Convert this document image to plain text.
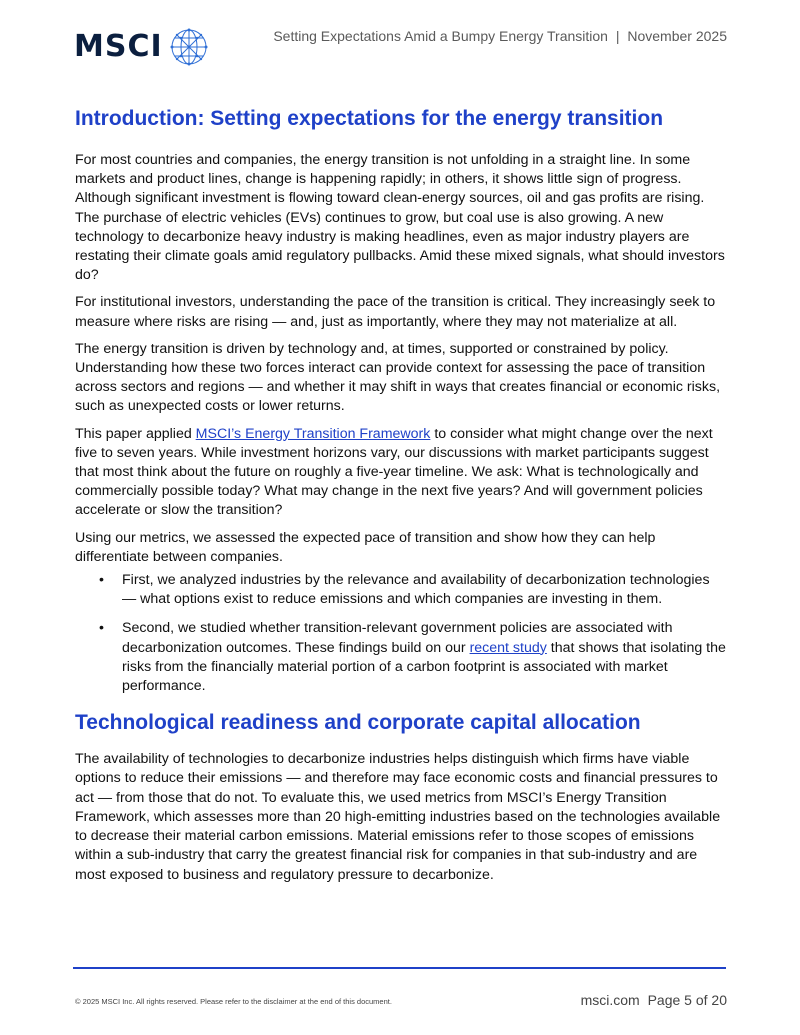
MSCI	Setting Expectations Amid a Bumpy Energy Transition | November 2025
Introduction: Setting expectations for the energy transition

For most countries and companies, the energy transition is not unfolding in a straight line. In some markets and product lines, change is happening rapidly; in others, it shows little sign of progress. Although significant investment is flowing toward clean-energy sources, oil and gas profits are rising. The purchase of electric vehicles (EVs) continues to grow, but coal use is also growing. A new technology to decarbonize heavy industry is making headlines, even as major industry players are restating their climate goals amid regulatory pullbacks. Amid these mixed signals, what should investors do?

For institutional investors, understanding the pace of the transition is critical. They increasingly seek to measure where risks are rising — and, just as importantly, where they may not materialize at all.

The energy transition is driven by technology and, at times, supported or constrained by policy. Understanding how these two forces interact can provide context for assessing the pace of transition across sectors and regions — and whether it may shift in ways that creates financial or economic risks, such as unexpected costs or lower returns.

This paper applied MSCI’s Energy Transition Framework to consider what might change over the next five to seven years. While investment horizons vary, our discussions with market participants suggest that most think about the future on roughly a five-year timeline. We ask: What is technologically and commercially possible today? What may change in the next five years? And will government policies accelerate or slow the transition?

Using our metrics, we assessed the expected pace of transition and show how they can help differentiate between companies.

• First, we analyzed industries by the relevance and availability of decarbonization technologies — what options exist to reduce emissions and which companies are investing in them.
• Second, we studied whether transition-relevant government policies are associated with decarbonization outcomes. These findings build on our recent study that shows that isolating the risks from the financially material portion of a carbon footprint is associated with market performance.
Technological readiness and corporate capital allocation

The availability of technologies to decarbonize industries helps distinguish which firms have viable options to reduce their emissions — and therefore may face economic costs and financial pressures to act — from those that do not. To evaluate this, we used metrics from MSCI’s Energy Transition Framework, which assesses more than 20 high-emitting industries based on the technologies available to decrease their material carbon emissions. Material emissions refer to those scopes of emissions within a sub-industry that carry the greatest financial risk for companies in that sub-industry and are most exposed to business and regulatory pressure to decarbonize.

© 2025 MSCI Inc. All rights reserved. Please refer to the disclaimer at the end of this document.	msci.com Page 5 of 20
